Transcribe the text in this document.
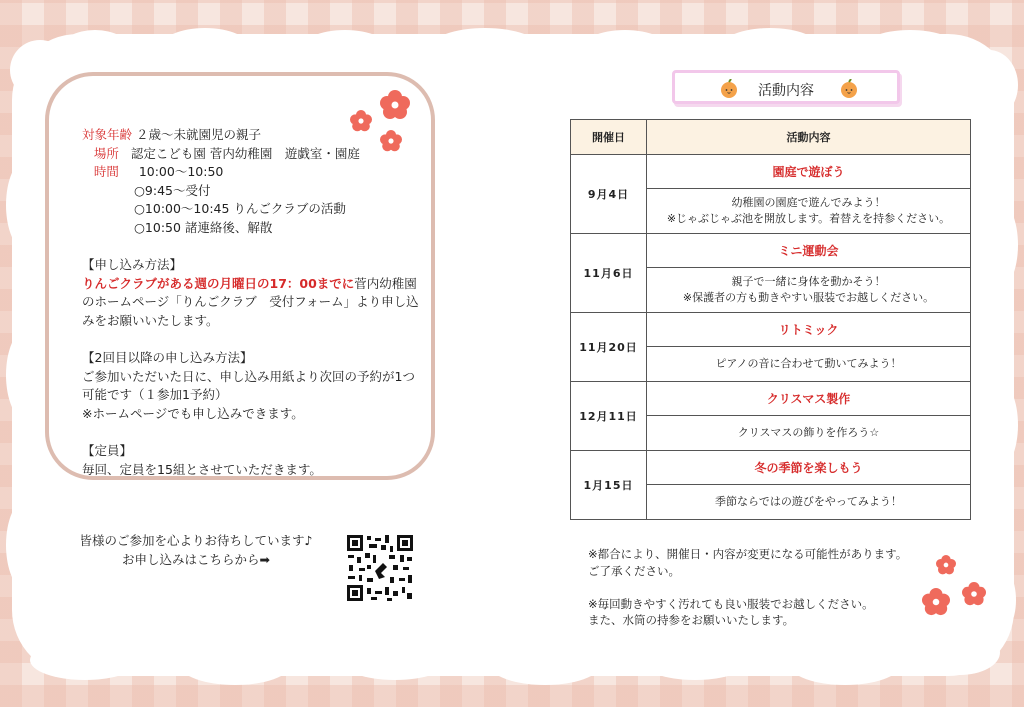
対象年齢 ２歳～未就園児の親子
場所 認定こども園 菅内幼稚園　遊戯室・園庭
時間 10:00～10:50
○9:45～受付
○10:00～10:45 りんごクラブの活動
○10:50 諸連絡後、解散
【申し込み方法】
りんごクラブがある週の月曜日の17：00までに菅内幼稚園
のホームページ「りんごクラブ　受付フォーム」より申し込
みをお願いいたします。
【2回目以降の申し込み方法】
ご参加いただいた日に、申し込み用紙より次回の予約が1つ
可能です（１参加1予約）
※ホームページでも申し込みできます。
【定員】
毎回、定員を15組とさせていただきます。
皆様のご参加を心よりお待ちしています♪
お申し込みはこちらから➡
活動内容
開催日	活動内容
9月4日	園庭で遊ぼう

	幼稚園の園庭で遊んでみよう！
※じゃぶじゃぶ池を開放します。着替えを持参ください。

11月6日	ミニ運動会

	親子で一緒に身体を動かそう！
※保護者の方も動きやすい服装でお越しください。

11月20日	リトミック
	ピアノの音に合わせて動いてみよう！
12月11日	クリスマス製作
	クリスマスの飾りを作ろう☆
1月15日	冬の季節を楽しもう
	季節ならではの遊びをやってみよう！
※都合により、開催日・内容が変更になる可能性があります。
ご了承ください。
※毎回動きやすく汚れても良い服装でお越しください。
また、水筒の持参をお願いいたします。
